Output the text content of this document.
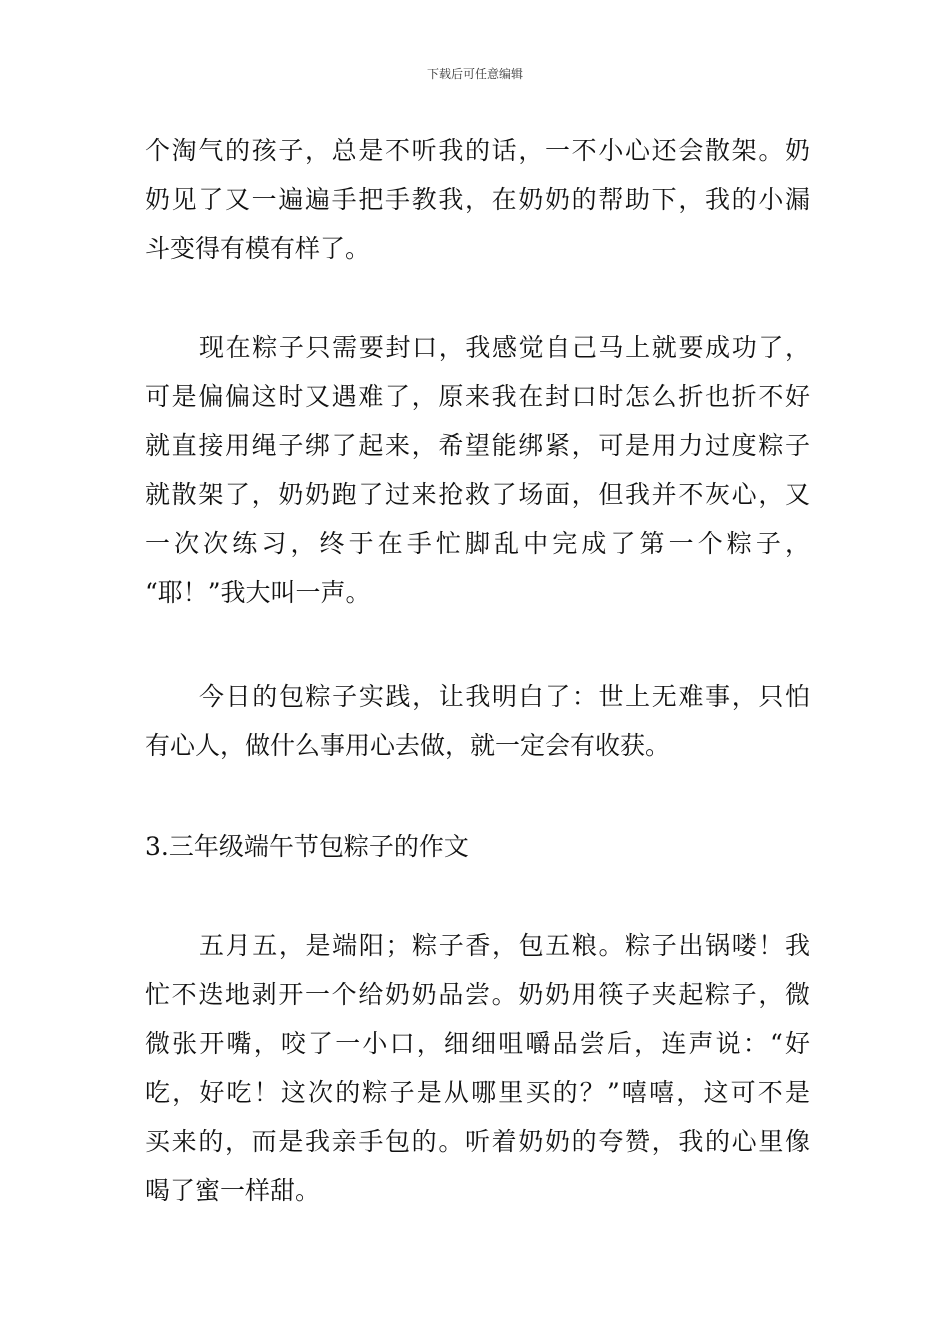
下载后可任意编辑
个淘气的孩子，总是不听我的话，一不小心还会散架。奶
奶见了又一遍遍手把手教我，在奶奶的帮助下，我的小漏
斗变得有模有样了。
现在粽子只需要封口，我感觉自己马上就要成功了，
可是偏偏这时又遇难了，原来我在封口时怎么折也折不好
就直接用绳子绑了起来，希望能绑紧，可是用力过度粽子
就散架了，奶奶跑了过来抢救了场面，但我并不灰心，又
一次次练习，终于在手忙脚乱中完成了第一个粽子，
“耶！”我大叫一声。
今日的包粽子实践，让我明白了：世上无难事，只怕
有心人，做什么事用心去做，就一定会有收获。
3.三年级端午节包粽子的作文
五月五，是端阳；粽子香，包五粮。粽子出锅喽！我
忙不迭地剥开一个给奶奶品尝。奶奶用筷子夹起粽子，微
微张开嘴，咬了一小口，细细咀嚼品尝后，连声说：“好
吃，好吃！这次的粽子是从哪里买的？”嘻嘻，这可不是
买来的，而是我亲手包的。听着奶奶的夸赞，我的心里像
喝了蜜一样甜。
